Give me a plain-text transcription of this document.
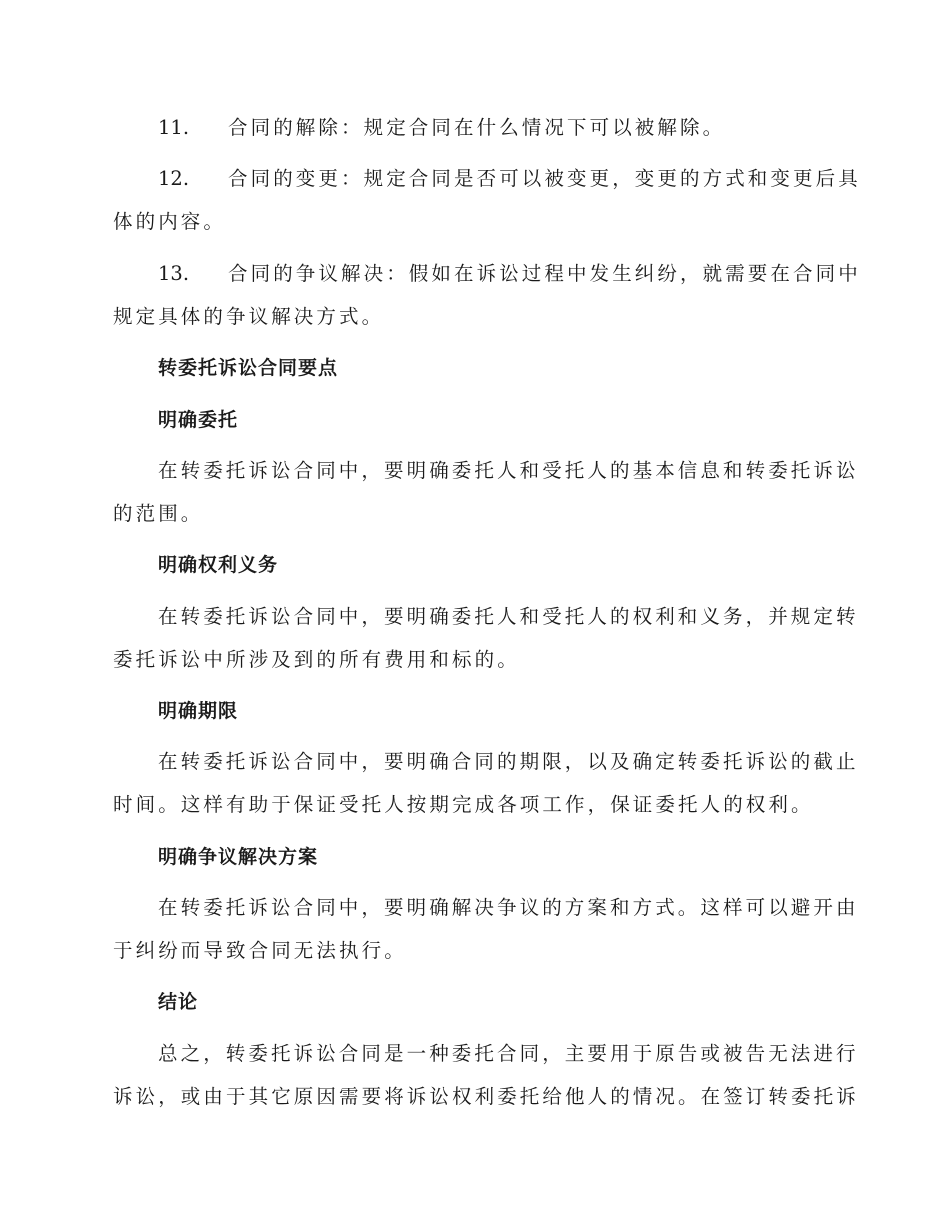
11. 合同的解除：规定合同在什么情况下可以被解除。
12. 合同的变更：规定合同是否可以被变更，变更的方式和变更后具
体的内容。
13. 合同的争议解决：假如在诉讼过程中发生纠纷，就需要在合同中
规定具体的争议解决方式。
转委托诉讼合同要点
明确委托
在转委托诉讼合同中，要明确委托人和受托人的基本信息和转委托诉讼
的范围。
明确权利义务
在转委托诉讼合同中，要明确委托人和受托人的权利和义务，并规定转
委托诉讼中所涉及到的所有费用和标的。
明确期限
在转委托诉讼合同中，要明确合同的期限，以及确定转委托诉讼的截止
时间。这样有助于保证受托人按期完成各项工作，保证委托人的权利。
明确争议解决方案
在转委托诉讼合同中，要明确解决争议的方案和方式。这样可以避开由
于纠纷而导致合同无法执行。
结论
总之，转委托诉讼合同是一种委托合同，主要用于原告或被告无法进行
诉讼，或由于其它原因需要将诉讼权利委托给他人的情况。在签订转委托诉
